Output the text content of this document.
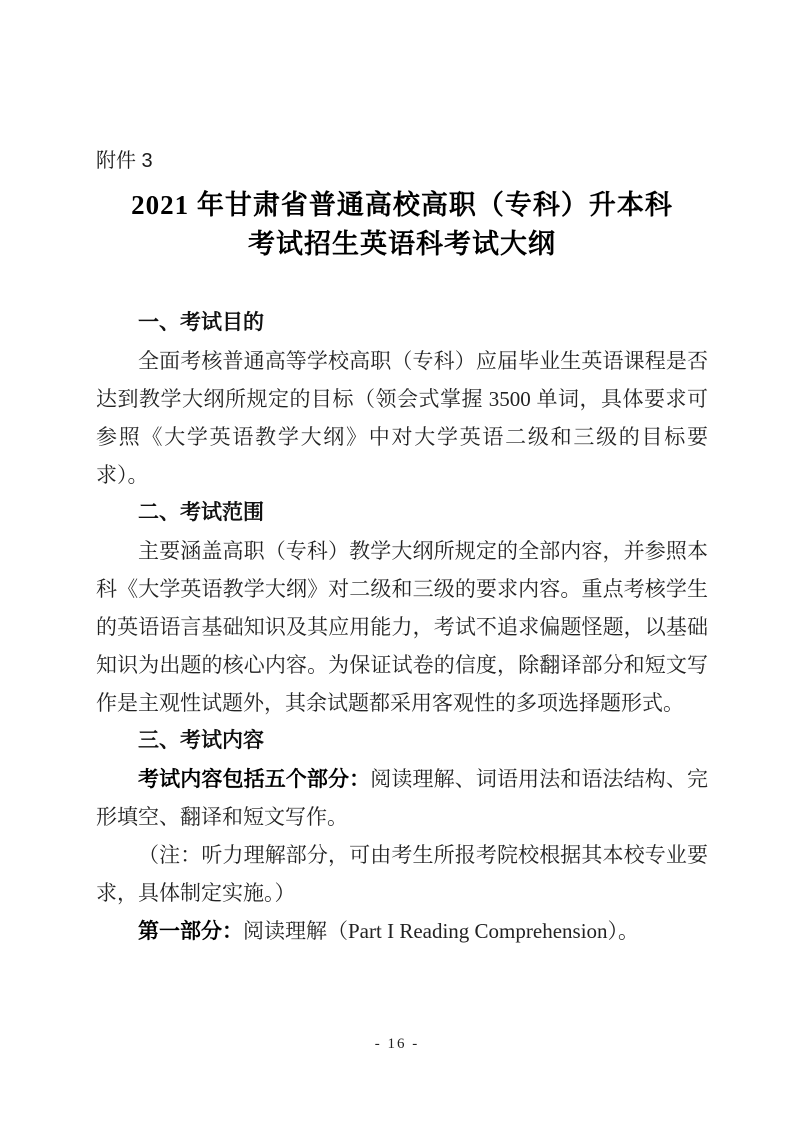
附件 3
2021 年甘肃省普通高校高职（专科）升本科
考试招生英语科考试大纲
一、考试目的

全面考核普通高等学校高职（专科）应届毕业生英语课程是否达到教学大纲所规定的目标（领会式掌握 3500 单词，具体要求可参照《大学英语教学大纲》中对大学英语二级和三级的目标要求）。

二、考试范围

主要涵盖高职（专科）教学大纲所规定的全部内容，并参照本科《大学英语教学大纲》对二级和三级的要求内容。重点考核学生的英语语言基础知识及其应用能力，考试不追求偏题怪题，以基础知识为出题的核心内容。为保证试卷的信度，除翻译部分和短文写作是主观性试题外，其余试题都采用客观性的多项选择题形式。

三、考试内容

考试内容包括五个部分：阅读理解、词语用法和语法结构、完形填空、翻译和短文写作。

（注：听力理解部分，可由考生所报考院校根据其本校专业要求，具体制定实施。）

第一部分：阅读理解（Part I Reading Comprehension）。

- 16 -
